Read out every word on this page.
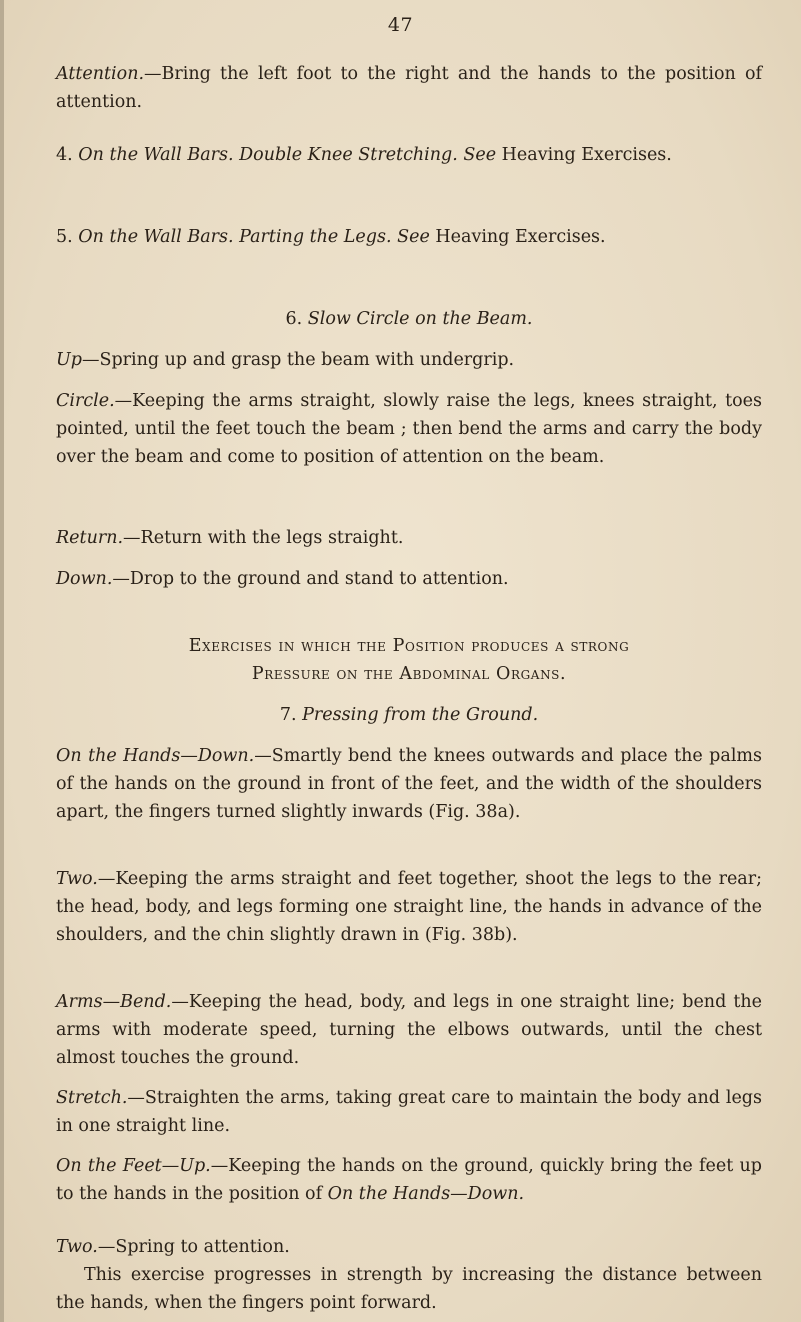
47

Attention.—Bring the left foot to the right and the hands to the position of attention.

4. On the Wall Bars. Double Knee Stretching. See Heaving Exercises.

5. On the Wall Bars. Parting the Legs. See Heaving Exercises.

6. Slow Circle on the Beam.

Up—Spring up and grasp the beam with undergrip.

Circle.—Keeping the arms straight, slowly raise the legs, knees straight, toes pointed, until the feet touch the beam ; then bend the arms and carry the body over the beam and come to position of attention on the beam.

Return.—Return with the legs straight.

Down.—Drop to the ground and stand to attention.

Exercises in which the Position produces a strong
Pressure on the Abdominal Organs.

7. Pressing from the Ground.

On the Hands—Down.—Smartly bend the knees outwards and place the palms of the hands on the ground in front of the feet, and the width of the shoulders apart, the fingers turned slightly inwards (Fig. 38a).

Two.—Keeping the arms straight and feet together, shoot the legs to the rear; the head, body, and legs forming one straight line, the hands in advance of the shoulders, and the chin slightly drawn in (Fig. 38b).

Arms—Bend.—Keeping the head, body, and legs in one straight line; bend the arms with moderate speed, turning the elbows outwards, until the chest almost touches the ground.

Stretch.—Straighten the arms, taking great care to maintain the body and legs in one straight line.

On the Feet—Up.—Keeping the hands on the ground, quickly bring the feet up to the hands in the position of On the Hands—Down.

Two.—Spring to attention.

This exercise progresses in strength by increasing the distance between the hands, when the fingers point forward.
